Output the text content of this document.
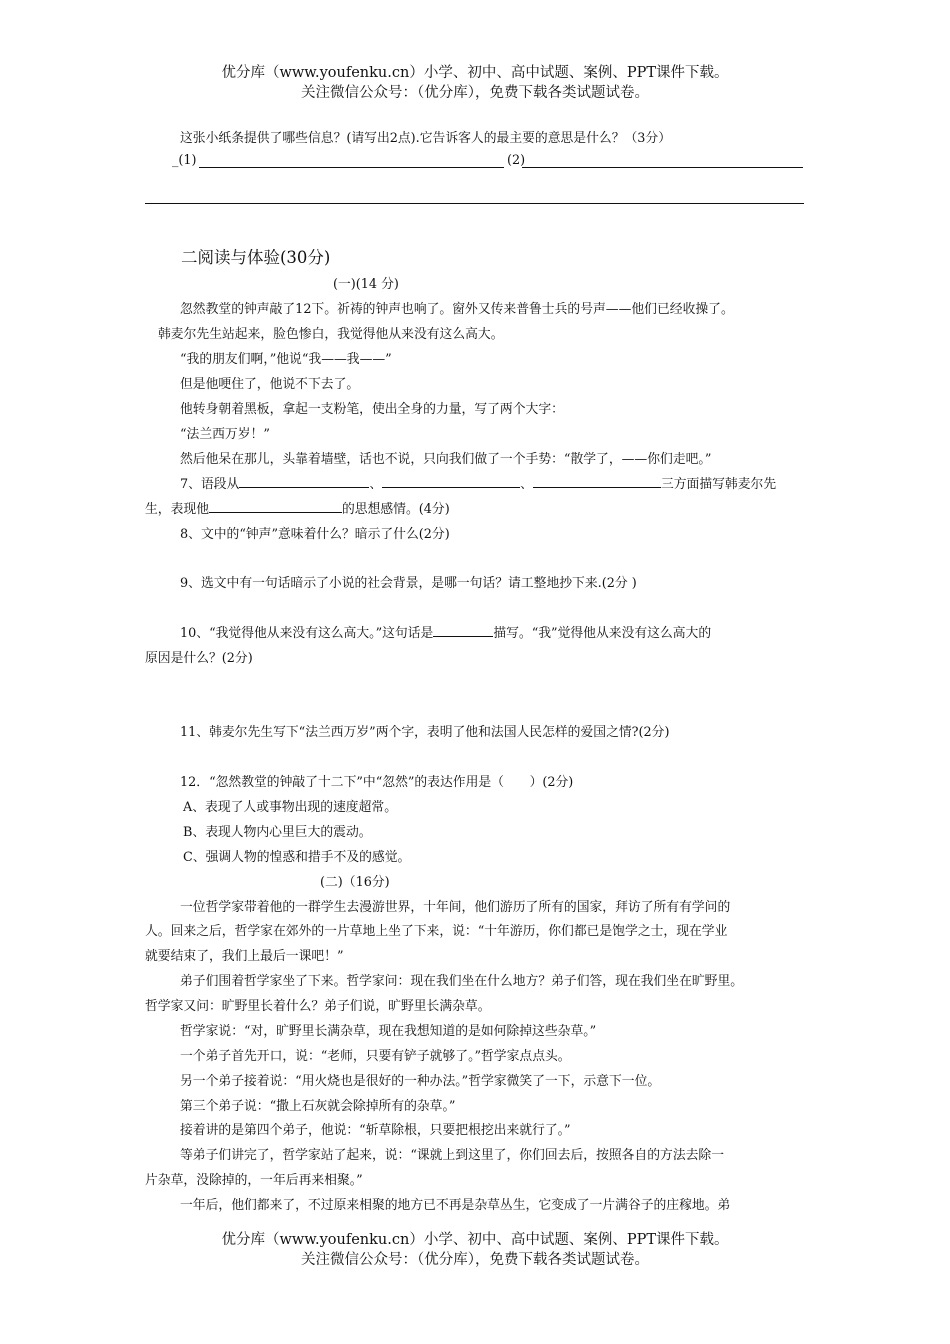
优分库（www.youfenku.cn）小学、初中、高中试题、案例、PPT课件下载。
关注微信公众号：（优分库），免费下载各类试题试卷。
这张小纸条提供了哪些信息？(请写出2点).它告诉客人的最主要的意思是什么？（3分）
_(1)	(2)
二阅读与体验(30分)
(一)(14 分)
忽然教堂的钟声敲了12下。祈祷的钟声也响了。窗外又传来普鲁士兵的号声——他们已经收操了。
韩麦尔先生站起来，脸色惨白，我觉得他从来没有这么高大。
“我的朋友们啊，”他说“我——我——”
但是他哽住了，他说不下去了。
他转身朝着黑板，拿起一支粉笔，使出全身的力量，写了两个大字：
“法兰西万岁！”
然后他呆在那儿，头靠着墙壁，话也不说，只向我们做了一个手势：“散学了，——你们走吧。”
7、语段从	、	、	三方面描写韩麦尔先
生，表现他	的思想感情。(4分)
8、文中的“钟声”意味着什么？暗示了什么(2分)
9、选文中有一句话暗示了小说的社会背景，是哪一句话？请工整地抄下来.(2分 )
10、“我觉得他从来没有这么高大。”这句话是	描写。“我”觉得他从来没有这么高大的
原因是什么？(2分)
11、韩麦尔先生写下“法兰西万岁”两个字，表明了他和法国人民怎样的爱国之情?(2分)
12．“忽然教堂的钟敲了十二下”中“忽然”的表达作用是（　　）(2分)
A、表现了人或事物出现的速度超常。
B、表现人物内心里巨大的震动。
C、强调人物的惶惑和措手不及的感觉。
(二)（16分)
一位哲学家带着他的一群学生去漫游世界，十年间，他们游历了所有的国家，拜访了所有有学问的
人。回来之后，哲学家在郊外的一片草地上坐了下来，说：“十年游历，你们都已是饱学之士，现在学业
就要结束了，我们上最后一课吧！”
弟子们围着哲学家坐了下来。哲学家问：现在我们坐在什么地方？弟子们答，现在我们坐在旷野里。
哲学家又问：旷野里长着什么？弟子们说，旷野里长满杂草。
哲学家说：“对，旷野里长满杂草，现在我想知道的是如何除掉这些杂草。”
一个弟子首先开口，说：“老师，只要有铲子就够了。”哲学家点点头。
另一个弟子接着说：“用火烧也是很好的一种办法。”哲学家微笑了一下，示意下一位。
第三个弟子说：“撒上石灰就会除掉所有的杂草。”
接着讲的是第四个弟子，他说：“斩草除根，只要把根挖出来就行了。”
等弟子们讲完了，哲学家站了起来，说：“课就上到这里了，你们回去后，按照各自的方法去除一
片杂草，没除掉的，一年后再来相聚。”
一年后，他们都来了，不过原来相聚的地方已不再是杂草丛生，它变成了一片满谷子的庄稼地。弟
优分库（www.youfenku.cn）小学、初中、高中试题、案例、PPT课件下载。
关注微信公众号：（优分库），免费下载各类试题试卷。
